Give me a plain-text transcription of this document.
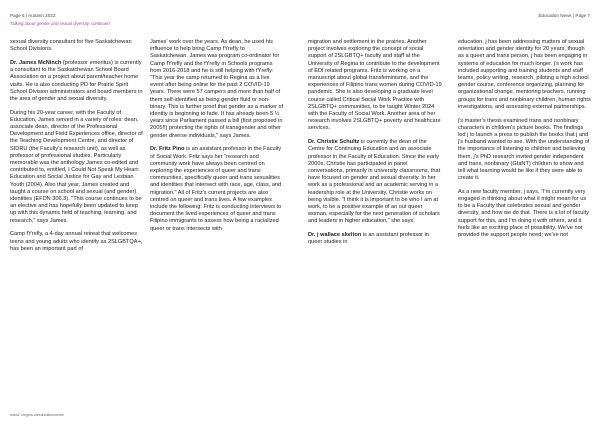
Page 6 | Autumn 2022
Talking about gender and sexual diversity, continued
Education News | Page 7

sexual diversity consultant for five Saskatchewan School Divisions.

Dr. James McNinch (professor emeritus) is currently a consultant to the Saskatchewan School Board Association on a project about parent/teacher home visits. He is also conducting PD for Prairie Spirit School Division administrators and board members in the area of gender and sexual diversity.

During his 20-year career, with the Faculty of Education, James served in a variety of roles: dean, associate dean, director of the Professional Development and Field Experiences office, director of the Teaching Development Centre, and director of SIDRU (the Faculty's research unit), as well as professor of professional studies. Particularly memorable was the anthology James co-edited and contributed to, entitled, I Could Not Speak My Heart: Education and Social Justice for Gay and Lesbian Youth (2004). Also that year, James created and taught a course on school and sexual (and gender) identities (EFDN 306.3). "This course continues to be an elective and has hopefully been updated to keep up with this dynamic field of teaching, learning, and research," says James.

Camp fYrefly, a 4-day annual retreat that welcomes teens and young adults who identify as 2SLGBTQA+, has been an important part of

James' work over the years. As dean, he used his influence to help bring Camp fYrefly to Saskatchewan. James was program co-ordinator for Camp fYrefly and the fYrefly in Schools programs from 2016-2018 and he is still helping with fYrefly: "This year the camp returned to Regina as a live event after being online for the past 2 COVID-19 years. There were 57 campers and more than half of them self-identified as being gender fluid or non-binary. This is further proof that gender as a marker of identity is beginning to fade. It has already been 5 ½ years since Parliament passed a bill (first proposed in 2005!!) protecting the rights of transgender and other gender diverse individuals," says James.

Dr. Fritz Pino is an assistant professor in the Faculty of Social Work. Fritz says her "research and community work have always been centred on exploring the experiences of queer and trans communities, specifically queer and trans sexualities and identities that intersect with race, age, class, and migration." All of Fritz's current projects are also centred on queer and trans lives. A few examples include the following: Fritz is conducting interviews to document the lived experiences of queer and trans Filipino immigrants to assess how being a racialized queer or trans intersects with

migration and settlement in the prairies. Another project involves exploring the concept of social support of 2SLGBTQ+ faculty and staff at the University of Regina to contribute to the development of EDI related programs. Fritz is working on a manuscript about global transfeminisms, and the experiences of Filipino trans women during COVID-19 pandemic. She is also developing a graduate level course called Critical Social Work Practice with 2SLGBTQ+ communities, to be taught Winter 2024 with the Faculty of Social Work. Another area of her research involves 2SLGBTQ+ poverty and healthcare services.

Dr. Christie Schultz is currently the dean of the Centre for Continuing Education and an associate professor in the Faculty of Education. Since the early 2000s, Christie has participated in panel conversations, primarily in university classrooms, that have focused on gender and sexual diversity. In her work as a professional and an academic serving in a leadership role at the University, Christie works on being visible. "I think it is important to be who I am at work, to be a positive example of an out queer woman, especially for the next generation of scholars and leaders in higher education," she says.

Dr. j wallace skelton is an assistant professor in queer studies in

education. j has been addressing matters of sexual orientation and gender identity for 20 years, though as a queer and trans person, j has been engaging in systems of education for much longer. j's work has included supporting and training students and staff teams, policy writing, research, piloting a high school gender course, conference organizing, planning for organizational change, mentoring teachers, running groups for trans and nonbinary children, human rights investigations, and assessing external partnerships.

j's master's thesis examined trans and nonbinary characters in children's picture books. The findings led j to launch a press to publish the books that j and j's husband wanted to see. With the understanding of the importance of listening to children and believing them, j's PhD research invited gender independent and trans, nonbinary (GIaNT) children to show and tell what learning would be like if they were able to create it.

As a new faculty member, j says, "I'm currently very engaged in thinking about what it might mean for us to be a Faculty that celebrates sexual and gender diversity, and how we do that. There is a lot of faculty support for this, and I'm doing it with others, and it feels like an exciting place of possibility. We've not provided the support people need; we've not

www2.uregina.ca/education/news
